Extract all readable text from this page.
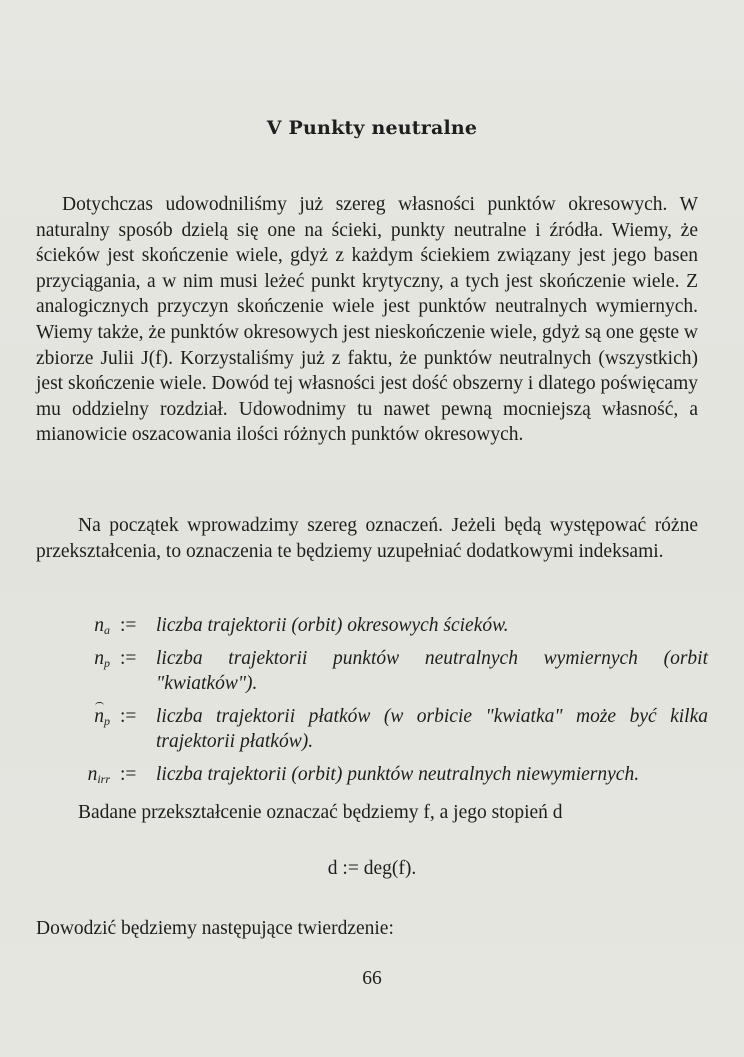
V Punkty neutralne

Dotychczas udowodniliśmy już szereg własności punktów okresowych. W naturalny sposób dzielą się one na ścieki, punkty neutralne i źródła. Wiemy, że ścieków jest skończenie wiele, gdyż z każdym ściekiem związany jest jego basen przyciągania, a w nim musi leżeć punkt krytyczny, a tych jest skończenie wiele. Z analogicznych przyczyn skończenie wiele jest punktów neutralnych wymiernych. Wiemy także, że punktów okresowych jest nieskończenie wiele, gdyż są one gęste w zbiorze Julii J(f). Korzystaliśmy już z faktu, że punktów neutralnych (wszystkich) jest skończenie wiele. Dowód tej własności jest dość obszerny i dlatego poświęcamy mu oddzielny rozdział. Udowodnimy tu nawet pewną mocniejszą własność, a mianowicie oszacowania ilości różnych punktów okresowych.

Na początek wprowadzimy szereg oznaczeń. Jeżeli będą występować różne przekształcenia, to oznaczenia te będziemy uzupełniać dodatkowymi indeksami.

$n_a$ :=	liczba trajektorii (orbit) okresowych ścieków.
$n_p$ :=	liczba trajektorii punktów neutralnych wymiernych (orbit "kwiatków").
$n_p$ :=	liczba trajektorii płatków (w orbicie "kwiatka" może być kilka trajektorii płatków).
$n_{irr}$ :=	liczba trajektorii (orbit) punktów neutralnych niewymiernych.

Badane przekształcenie oznaczać będziemy f, a jego stopień d

d := deg(f).

Dowodzić będziemy następujące twierdzenie:

66
